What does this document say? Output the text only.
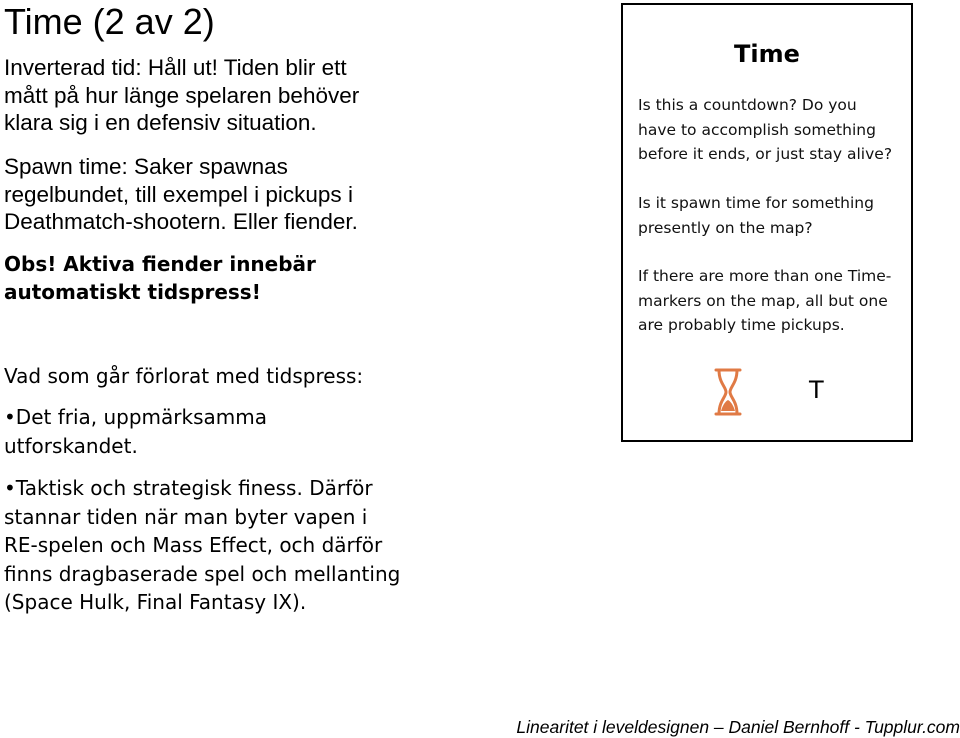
Time (2 av 2)
Inverterad tid: Håll ut! Tiden blir ett
mått på hur länge spelaren behöver
klara sig i en defensiv situation.
Spawn time: Saker spawnas
regelbundet, till exempel i pickups i
Deathmatch-shootern. Eller fiender.
Obs! Aktiva fiender innebär
automatiskt tidspress!
Vad som går förlorat med tidspress:
•Det fria, uppmärksamma
utforskandet.
•Taktisk och strategisk finess. Därför
stannar tiden när man byter vapen i
RE-spelen och Mass Effect, och därför
finns dragbaserade spel och mellanting
(Space Hulk, Final Fantasy IX).
Time
Is this a countdown? Do you
have to accomplish something
before it ends, or just stay alive?
Is it spawn time for something
presently on the map?
If there are more than one Time-
markers on the map, all but one
are probably time pickups.
T
Linearitet i leveldesignen – Daniel Bernhoff - Tupplur.com
